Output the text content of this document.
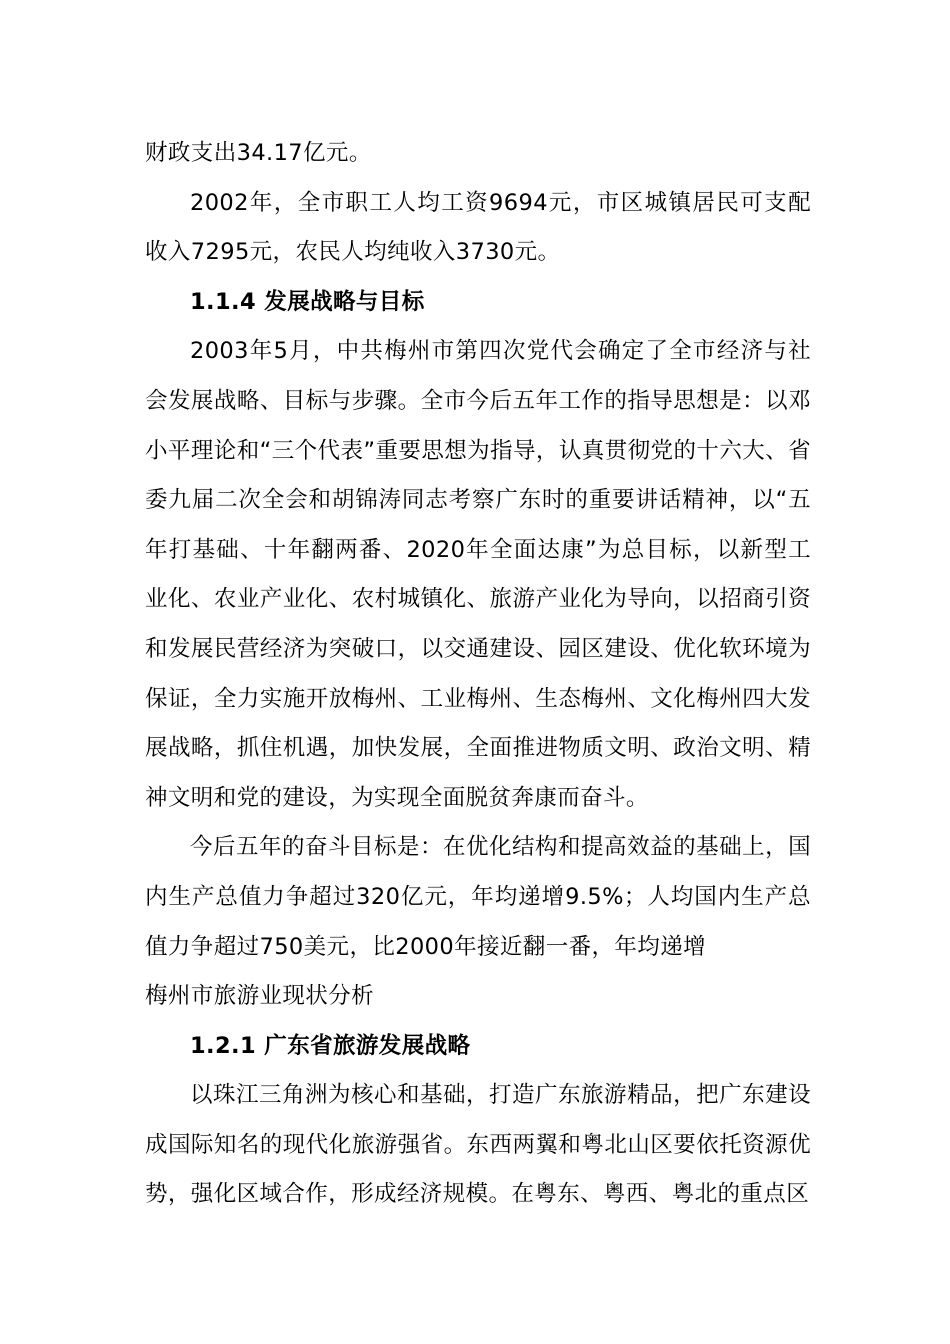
财政支出34.17亿元。

2002年，全市职工人均工资9694元，市区城镇居民可支配收入7295元，农民人均纯收入3730元。

1.1.4 发展战略与目标

2003年5月，中共梅州市第四次党代会确定了全市经济与社会发展战略、目标与步骤。全市今后五年工作的指导思想是：以邓小平理论和“三个代表”重要思想为指导，认真贯彻党的十六大、省委九届二次全会和胡锦涛同志考察广东时的重要讲话精神，以“五年打基础、十年翻两番、2020年全面达康”为总目标，以新型工业化、农业产业化、农村城镇化、旅游产业化为导向，以招商引资和发展民营经济为突破口，以交通建设、园区建设、优化软环境为保证，全力实施开放梅州、工业梅州、生态梅州、文化梅州四大发展战略，抓住机遇，加快发展，全面推进物质文明、政治文明、精神文明和党的建设，为实现全面脱贫奔康而奋斗。

今后五年的奋斗目标是：在优化结构和提高效益的基础上，国内生产总值力争超过320亿元，年均递增9.5%；人均国内生产总值力争超过750美元，比2000年接近翻一番，年均递增

梅州市旅游业现状分析

1.2.1 广东省旅游发展战略

以珠江三角洲为核心和基础，打造广东旅游精品，把广东建设成国际知名的现代化旅游强省。东西两翼和粤北山区要依托资源优势，强化区域合作，形成经济规模。在粤东、粤西、粤北的重点区
